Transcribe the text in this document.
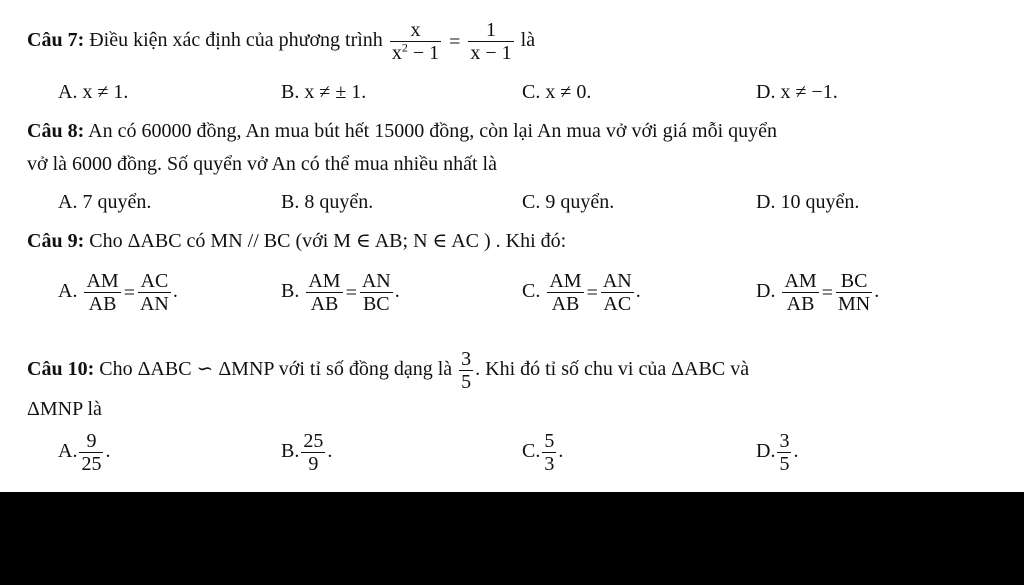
Câu 7: Điều kiện xác định của phương trình $\frac{x}{x^2 - 1} = \frac{1}{x - 1}$ là
A. x ≠ 1.	B. x ≠ ± 1.	C. x ≠ 0.	D. x ≠ −1.
Câu 8: An có 60000 đồng, An mua bút hết 15000 đồng, còn lại An mua vở với giá mỗi quyển
vở là 6000 đồng. Số quyển vở An có thể mua nhiều nhất là
A. 7 quyển.	B. 8 quyển.	C. 9 quyển.	D. 10 quyển.
Câu 9: Cho ΔABC có MN // BC (với M ∈ AB; N ∈ AC ) . Khi đó:
A. $\frac{AM}{AB} = \frac{AC}{AN}$ .	B. $\frac{AM}{AB} = \frac{AN}{BC}$ .	C. $\frac{AM}{AB} = \frac{AN}{AC}$ .	D. $\frac{AM}{AB} = \frac{BC}{MN}$ .
Câu 10: Cho ΔABC ∽ ΔMNP với tỉ số đồng dạng là $\frac{3}{5}$ . Khi đó tỉ số chu vi của ΔABC và
ΔMNP là
A. $\frac{9}{25}$ .	B. $\frac{25}{9}$ .	C. $\frac{5}{3}$ .	D. $\frac{3}{5}$ .
